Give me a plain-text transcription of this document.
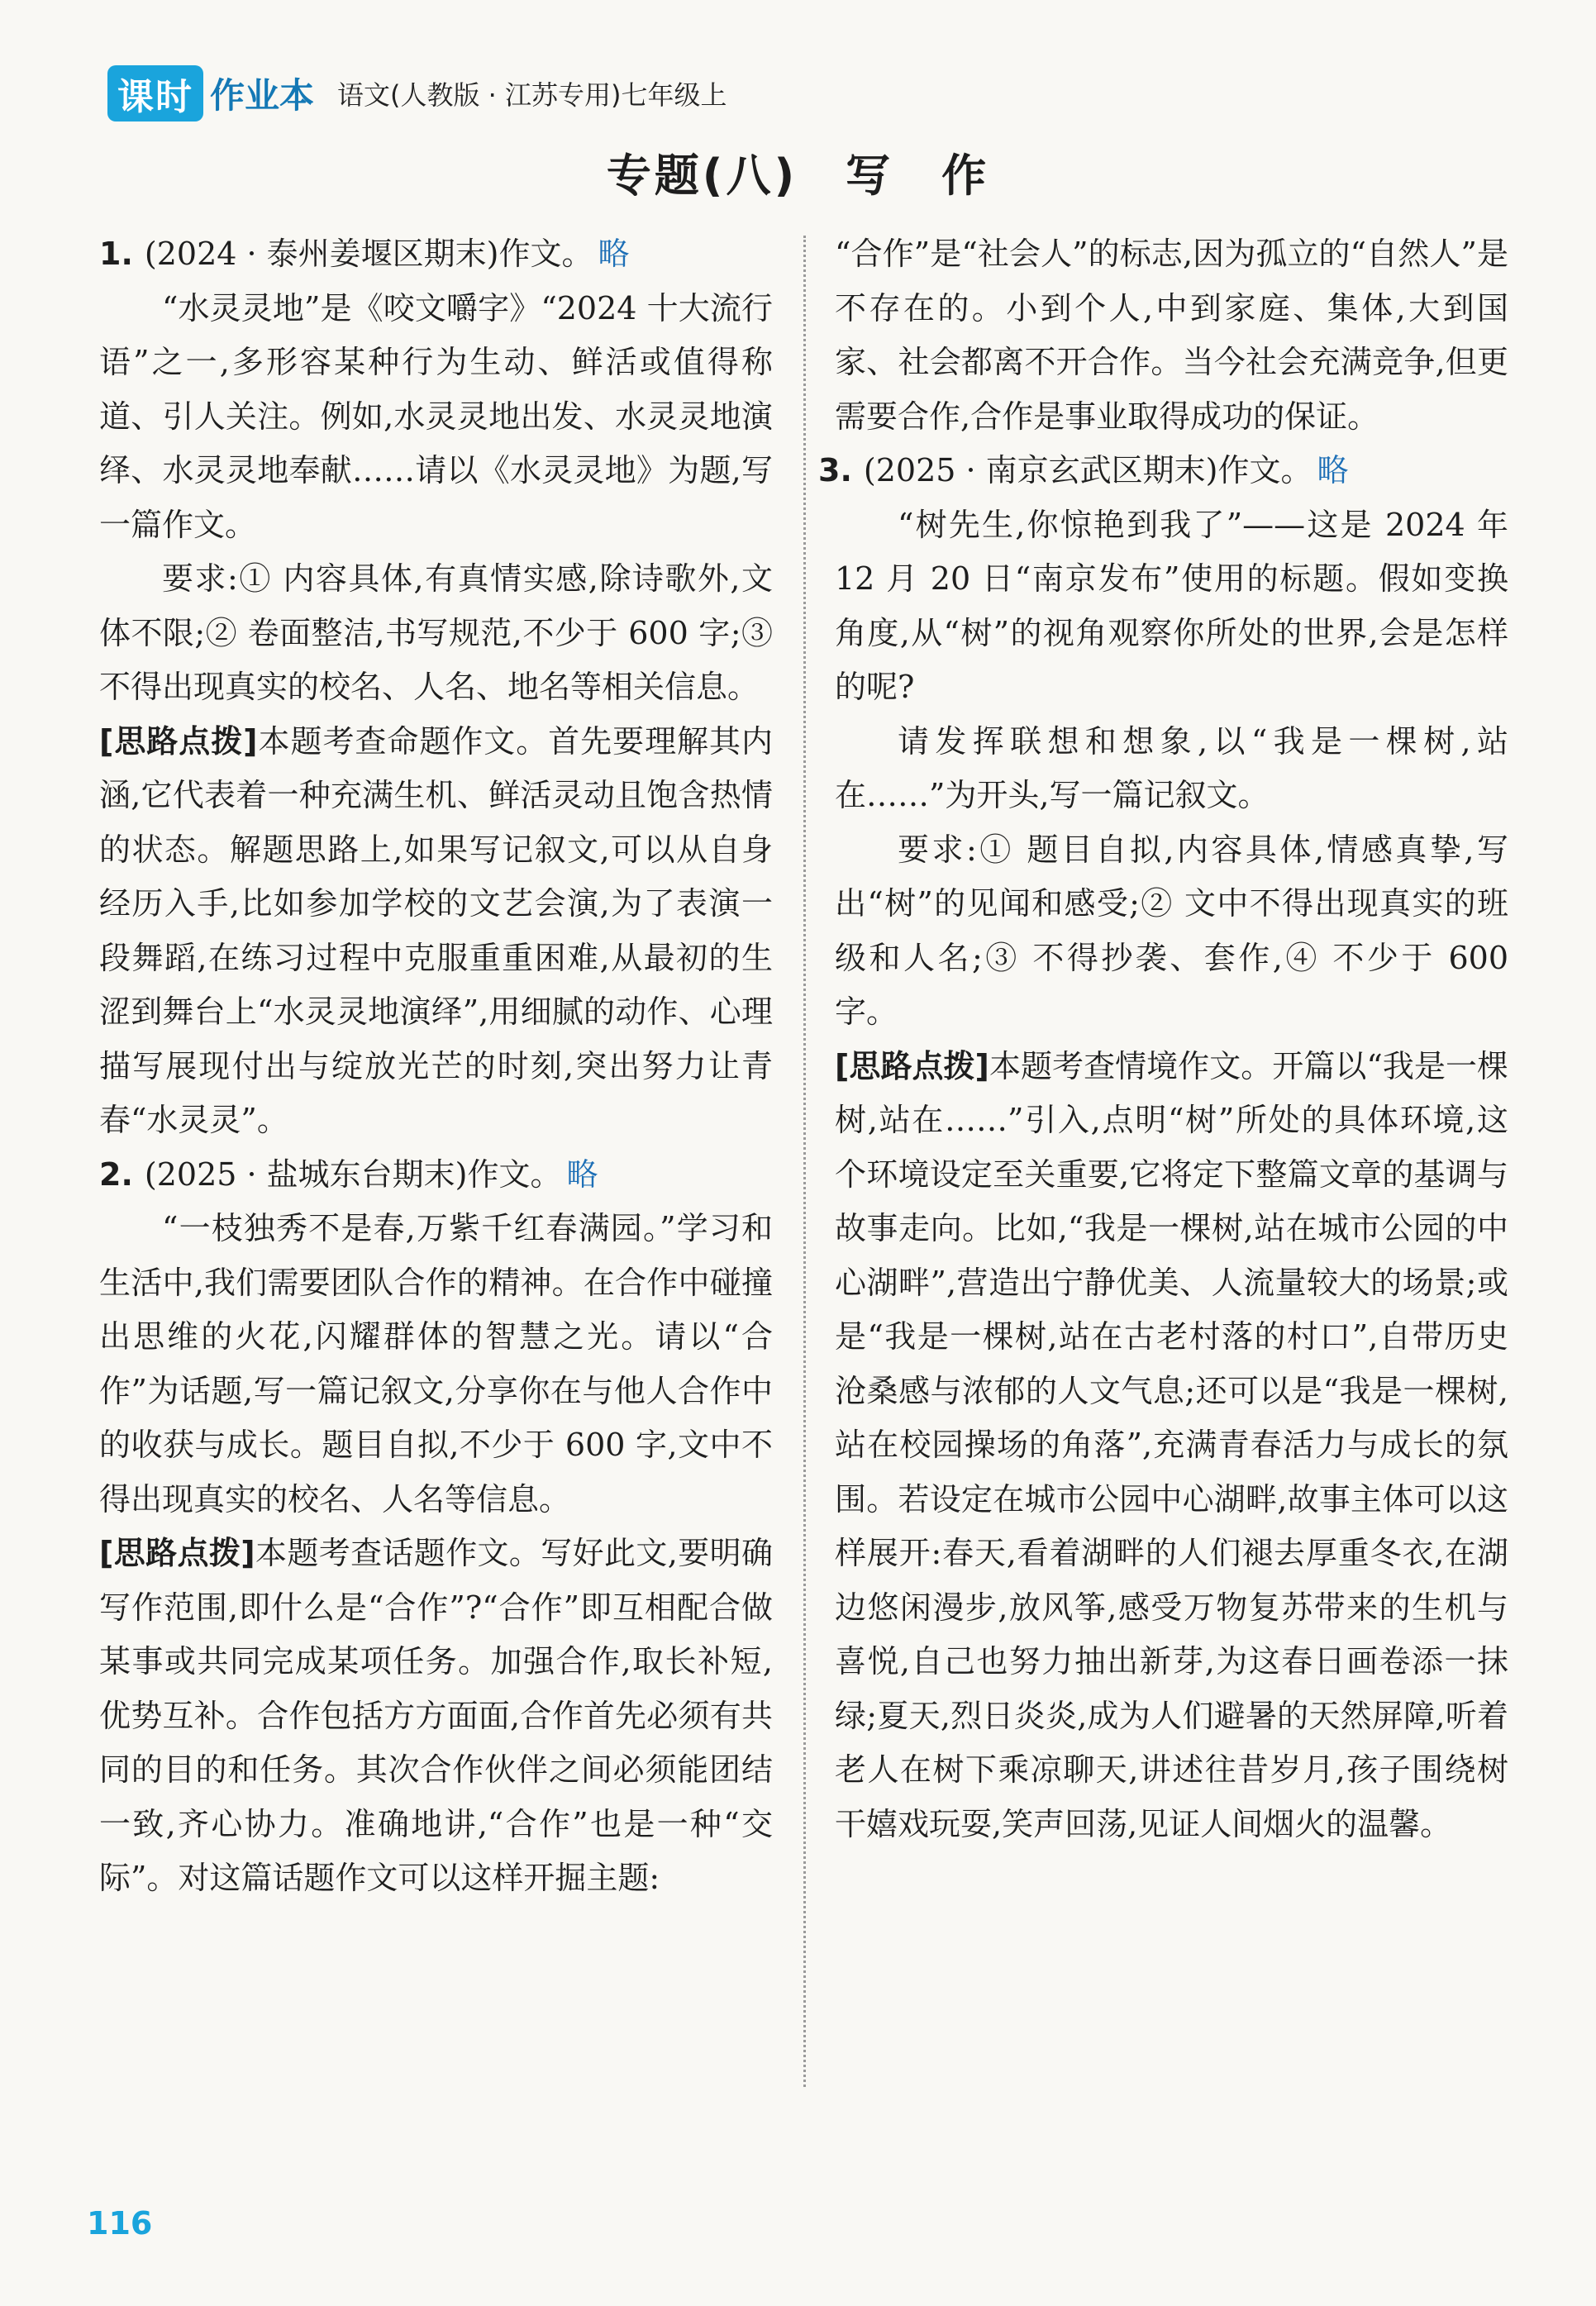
课时 作业本 语文(人教版 · 江苏专用)七年级上
专题(八)　写　作

1. (2024 · 泰州姜堰区期末)作文。 略

“水灵灵地”是《咬文嚼字》“2024 十大流行语”之一,多形容某种行为生动、鲜活或值得称道、引人关注。例如,水灵灵地出发、水灵灵地演绎、水灵灵地奉献……请以《水灵灵地》为题,写一篇作文。

要求:① 内容具体,有真情实感,除诗歌外,文体不限;② 卷面整洁,书写规范,不少于 600 字;③ 不得出现真实的校名、人名、地名等相关信息。

[思路点拨]本题考查命题作文。首先要理解其内涵,它代表着一种充满生机、鲜活灵动且饱含热情的状态。解题思路上,如果写记叙文,可以从自身经历入手,比如参加学校的文艺会演,为了表演一段舞蹈,在练习过程中克服重重困难,从最初的生涩到舞台上“水灵灵地演绎”,用细腻的动作、心理描写展现付出与绽放光芒的时刻,突出努力让青春“水灵灵”。

2. (2025 · 盐城东台期末)作文。 略

“一枝独秀不是春,万紫千红春满园。”学习和生活中,我们需要团队合作的精神。在合作中碰撞出思维的火花,闪耀群体的智慧之光。请以“合作”为话题,写一篇记叙文,分享你在与他人合作中的收获与成长。题目自拟,不少于 600 字,文中不得出现真实的校名、人名等信息。

[思路点拨]本题考查话题作文。写好此文,要明确写作范围,即什么是“合作”?“合作”即互相配合做某事或共同完成某项任务。加强合作,取长补短,优势互补。合作包括方方面面,合作首先必须有共同的目的和任务。其次合作伙伴之间必须能团结一致,齐心协力。准确地讲,“合作”也是一种“交际”。对这篇话题作文可以这样开掘主题:

“合作”是“社会人”的标志,因为孤立的“自然人”是不存在的。小到个人,中到家庭、集体,大到国家、社会都离不开合作。当今社会充满竞争,但更需要合作,合作是事业取得成功的保证。

3. (2025 · 南京玄武区期末)作文。 略

“树先生,你惊艳到我了”——这是 2024 年 12 月 20 日“南京发布”使用的标题。假如变换角度,从“树”的视角观察你所处的世界,会是怎样的呢?

请发挥联想和想象,以“我是一棵树,站在……”为开头,写一篇记叙文。

要求:① 题目自拟,内容具体,情感真挚,写出“树”的见闻和感受;② 文中不得出现真实的班级和人名;③ 不得抄袭、套作,④ 不少于 600 字。

[思路点拨]本题考查情境作文。开篇以“我是一棵树,站在……”引入,点明“树”所处的具体环境,这个环境设定至关重要,它将定下整篇文章的基调与故事走向。比如,“我是一棵树,站在城市公园的中心湖畔”,营造出宁静优美、人流量较大的场景;或是“我是一棵树,站在古老村落的村口”,自带历史沧桑感与浓郁的人文气息;还可以是“我是一棵树,站在校园操场的角落”,充满青春活力与成长的氛围。若设定在城市公园中心湖畔,故事主体可以这样展开:春天,看着湖畔的人们褪去厚重冬衣,在湖边悠闲漫步,放风筝,感受万物复苏带来的生机与喜悦,自己也努力抽出新芽,为这春日画卷添一抹绿;夏天,烈日炎炎,成为人们避暑的天然屏障,听着老人在树下乘凉聊天,讲述往昔岁月,孩子围绕树干嬉戏玩耍,笑声回荡,见证人间烟火的温馨。

116
